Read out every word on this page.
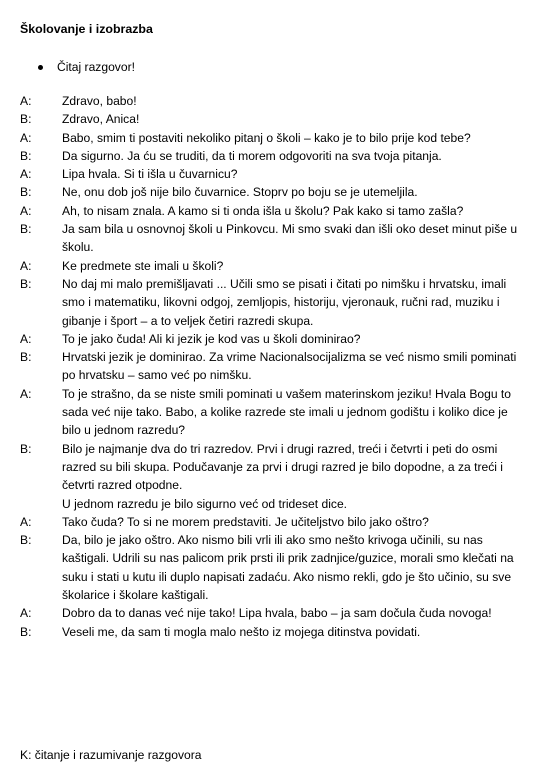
Školovanje i izobrazba
Čitaj razgovor!
A:	Zdravo, babo!
B:	Zdravo, Anica!
A:	Babo, smim ti postaviti nekoliko pitanj o školi – kako je to bilo prije kod tebe?
B:	Da sigurno. Ja ću se truditi, da ti morem odgovoriti na sva tvoja pitanja.
A:	Lipa hvala. Si ti išla u čuvarnicu?
B:	Ne, onu dob još nije bilo čuvarnice. Stoprv po boju se je utemeljila.
A:	Ah, to nisam znala. A kamo si ti onda išla u školu? Pak kako si tamo zašla?
B:	Ja sam bila u osnovnoj školi u Pinkovcu. Mi smo svaki dan išli oko deset minut piše u školu.
A:	Ke predmete ste imali u školi?
B:	No daj mi malo premišljavati ... Učili smo se pisati i čitati po nimšku i hrvatsku, imali smo i matematiku, likovni odgoj, zemljopis, historiju, vjeronauk, ručni rad, muziku i gibanje i šport – a to veljek četiri razredi skupa.
A:	To je jako čuda! Ali ki jezik je kod vas u školi dominirao?
B:	Hrvatski jezik je dominirao. Za vrime Nacionalsocijalizma se već nismo smili pominati po hrvatsku – samo već po nimšku.
A:	To je strašno, da se niste smili pominati u vašem materinskom jeziku! Hvala Bogu to sada već nije tako. Babo, a kolike razrede ste imali u jednom godištu i koliko dice je bilo u jednom razredu?
B:	Bilo je najmanje dva do tri razredov. Prvi i drugi razred, treći i četvrti i peti do osmi razred su bili skupa. Podučavanje za prvi i drugi razred je bilo dopodne, a za treći i četvrti razred otpodne.
U jednom razredu je bilo sigurno već od trideset dice.
A:	Tako čuda? To si ne morem predstaviti. Je učiteljstvo bilo jako oštro?
B:	Da, bilo je jako oštro. Ako nismo bili vrli ili ako smo nešto krivoga učinili, su nas kaštigali. Udrili su nas palicom prik prsti ili prik zadnjice/guzice, morali smo klečati na suku i stati u kutu ili duplo napisati zadaću. Ako nismo rekli, gdo je što učinio, su sve školarice i školare kaštigali.
A:	Dobro da to danas već nije tako! Lipa hvala, babo – ja sam dočula čuda novoga!
B:	Veseli me, da sam ti mogla malo nešto iz mojega ditinstva povidati.
K: čitanje i razumivanje razgovora
